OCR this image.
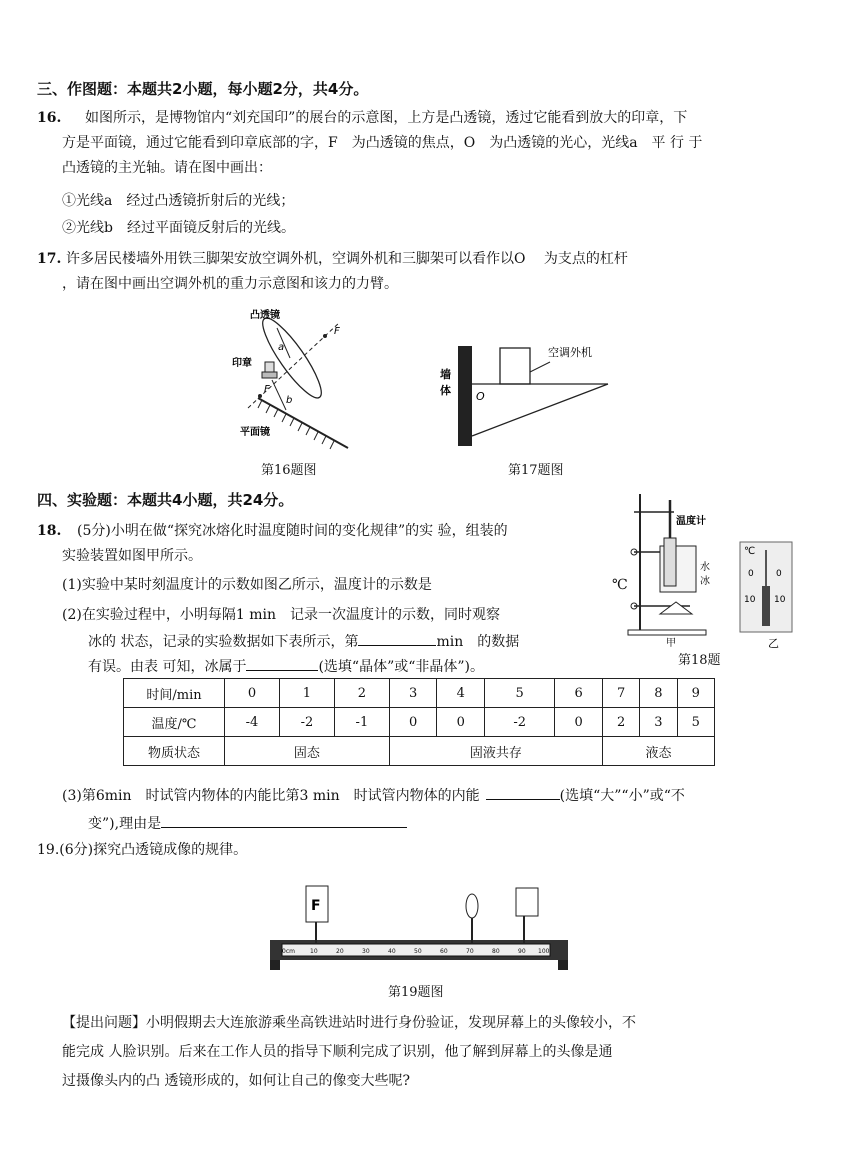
三、作图题：本题共2小题，每小题2分，共4分。
16. 如图所示，是博物馆内“刘充国印”的展台的示意图，上方是凸透镜，透过它能看到放大的印章，下
方是平面镜，通过它能看到印章底部的字，F　为凸透镜的焦点，O　为凸透镜的光心，光线a　平 行 于
凸透镜的主光轴。请在图中画出：
①光线a　经过凸透镜折射后的光线；
②光线b　经过平面镜反射后的光线。
17. 许多居民楼墙外用铁三脚架安放空调外机，空调外机和三脚架可以看作以O　 为支点的杠杆
，请在图中画出空调外机的重力示意图和该力的力臂。
凸透镜
印章
平面镜
F
F
a
b
第16题图
空调外机
墙
体 O
第17题图
四、实验题：本题共4小题，共24分。
18. (5分)小明在做“探究冰熔化时温度随时间的变化规律”的实 验，组装的
实验装置如图甲所示。
(1)实验中某时刻温度计的示数如图乙所示，温度计的示数是	℃
(2)在实验过程中，小明每隔1 min　记录一次温度计的示数，同时观察
冰的 状态，记录的实验数据如下表所示，第	min　的数据
有误。由表 可知，冰属于	(选填“晶体”或“非晶体”)。
温度计
水
冰
甲
℃
0
10
0
10
乙
第18题
时间/min	0	1	2	3	4	5	6	7	8	9
温度/℃	-4	-2	-1	0	0	-2	0	2	3	5
物质状态	固态			固液共存				液态		
(3)第6min　时试管内物体的内能比第3 min　时试管内物体的内能	(选填“大”“小”或“不
变”),理由是
19.(6分)探究凸透镜成像的规律。
F
0cm	10	20	30	40	50	60	70	80	90 100
第19题图
【提出问题】小明假期去大连旅游乘坐高铁进站时进行身份验证，发现屏幕上的头像较小，不
能完成 人脸识别。后来在工作人员的指导下顺利完成了识别，他了解到屏幕上的头像是通
过摄像头内的凸 透镜形成的，如何让自己的像变大些呢?
